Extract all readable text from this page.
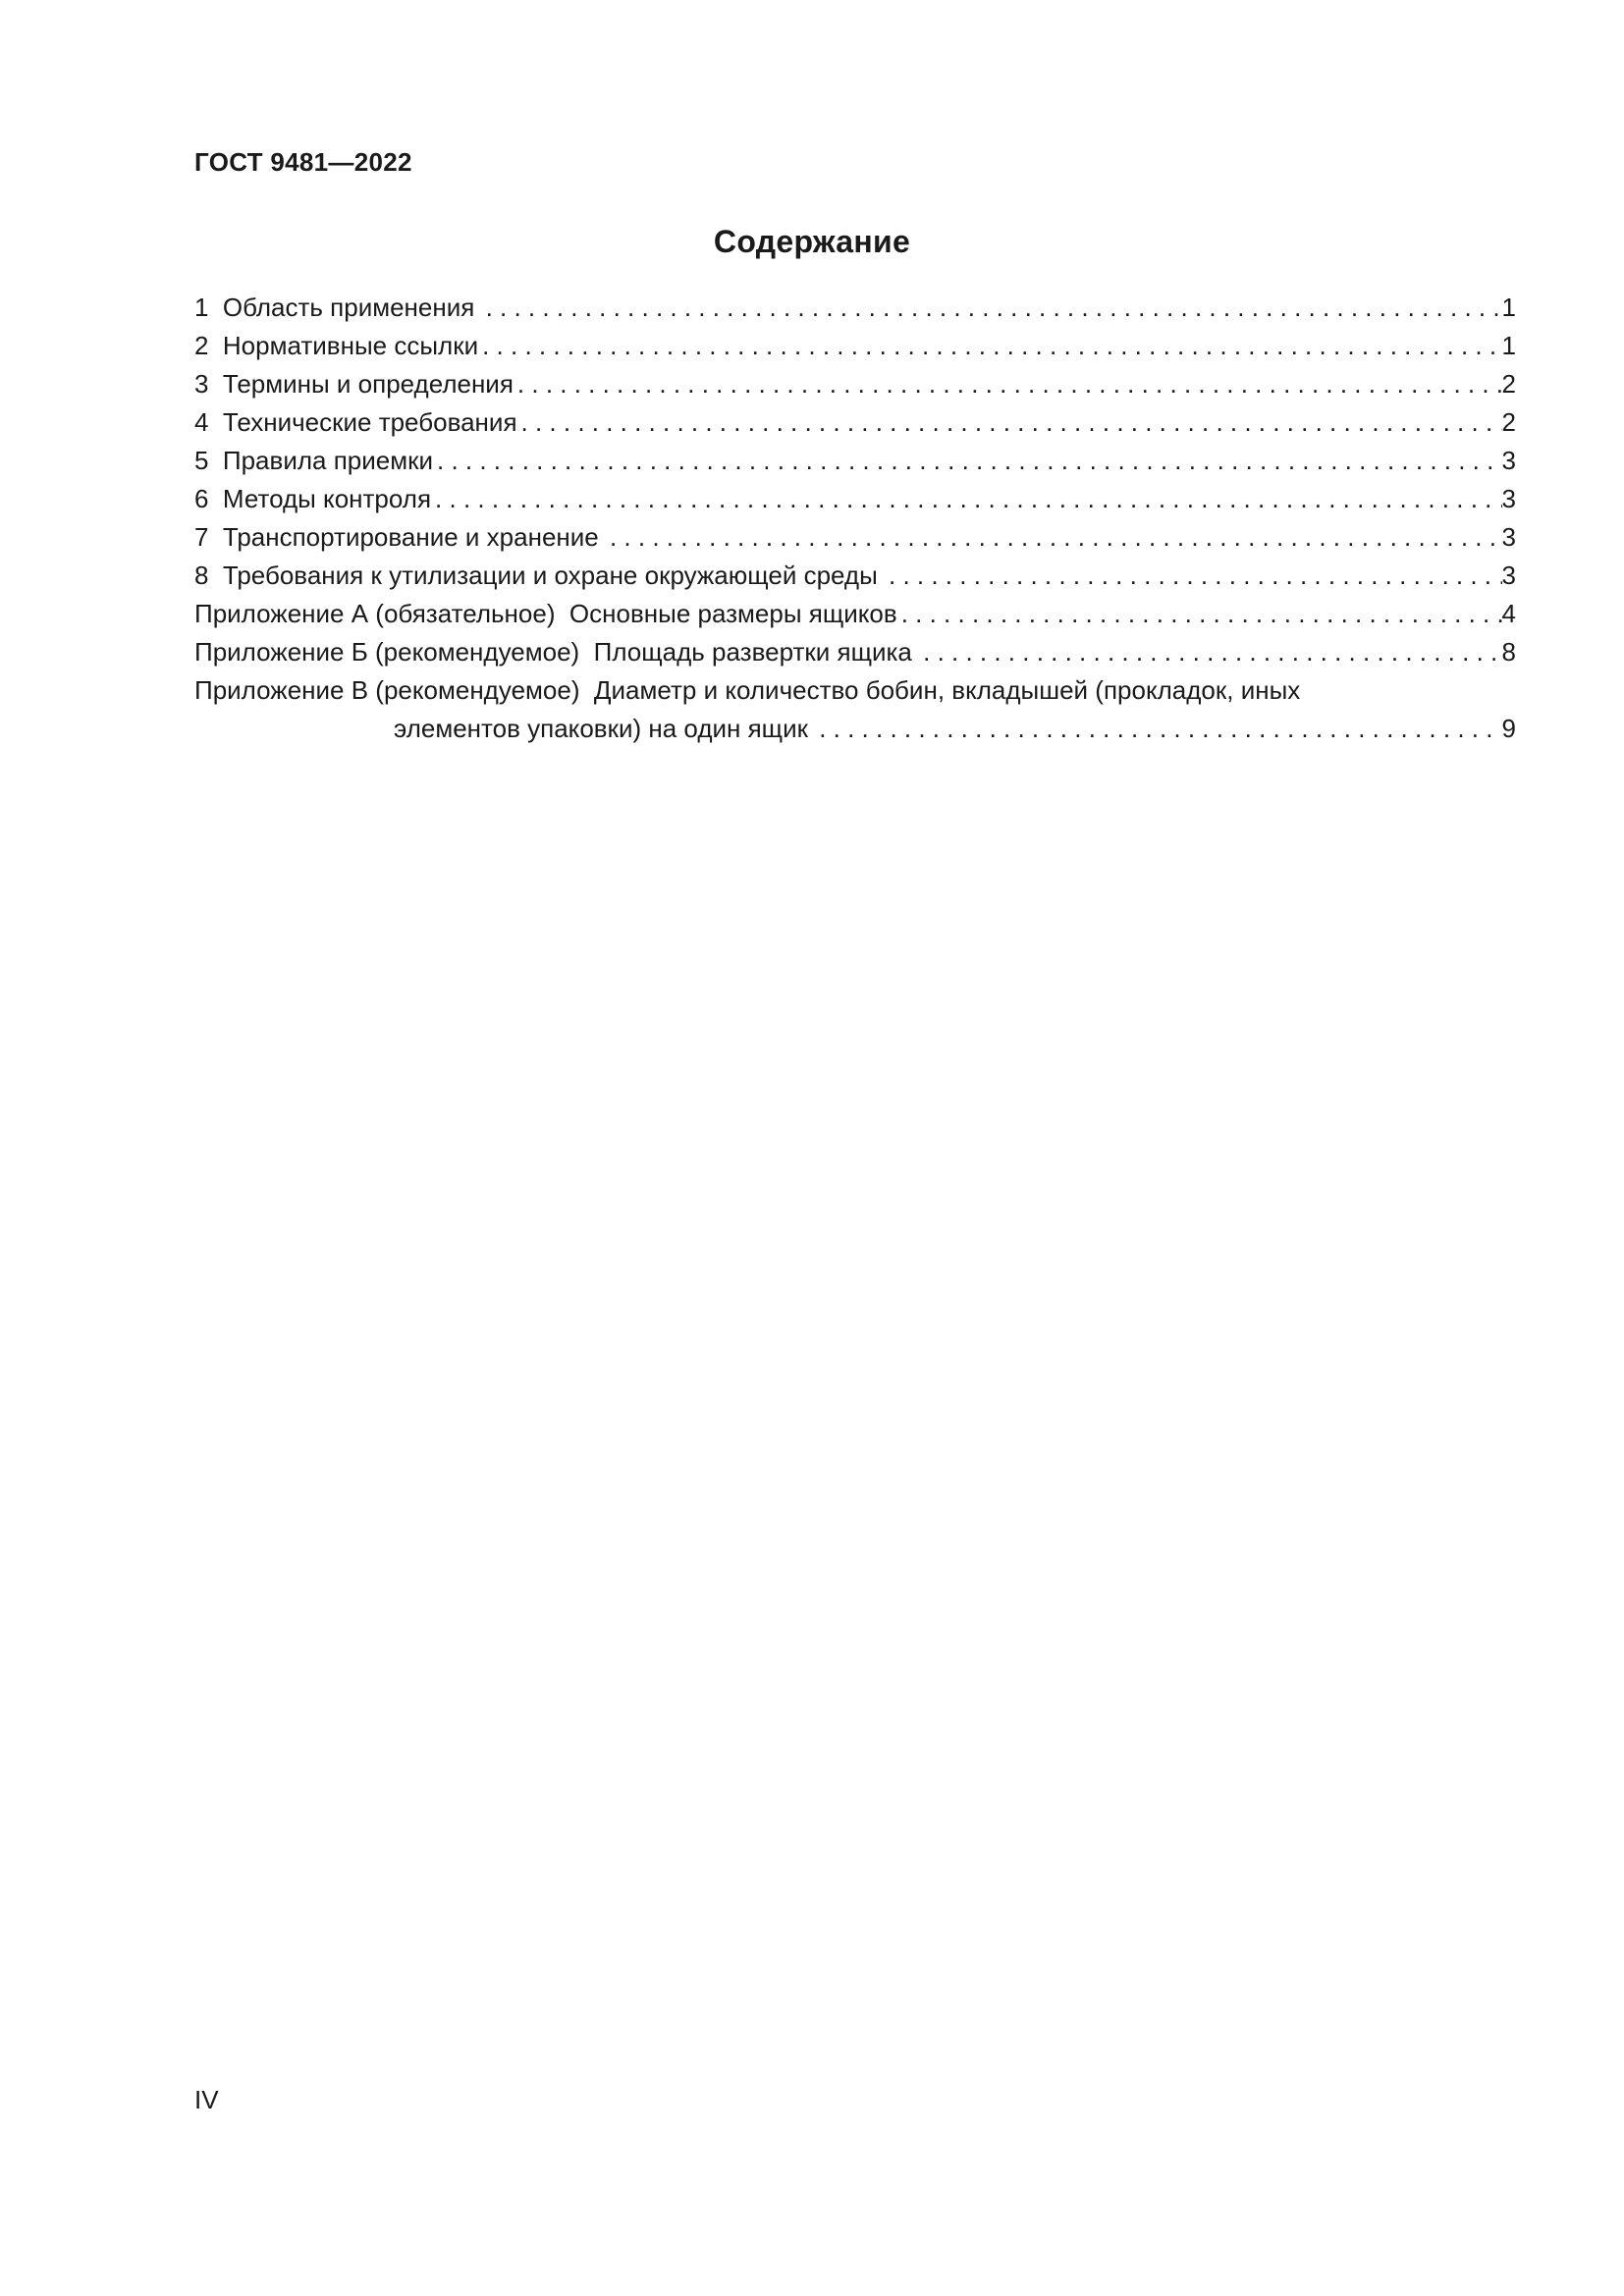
ГОСТ 9481—2022
Содержание
1  Область применения . . .	1
2  Нормативные ссылки . . .	1
3  Термины и определения . . .	2
4  Технические требования . . .	2
5  Правила приемки . . .	3
6  Методы контроля . . .	3
7  Транспортирование и хранение . . .	3
8  Требования к утилизации и охране окружающей среды . . .	3
Приложение А (обязательное)  Основные размеры ящиков . . .	4
Приложение Б (рекомендуемое)  Площадь развертки ящика . . .	8
Приложение В (рекомендуемое)  Диаметр и количество бобин, вкладышей (прокладок, иных
элементов упаковки) на один ящик . . .	9
IV
